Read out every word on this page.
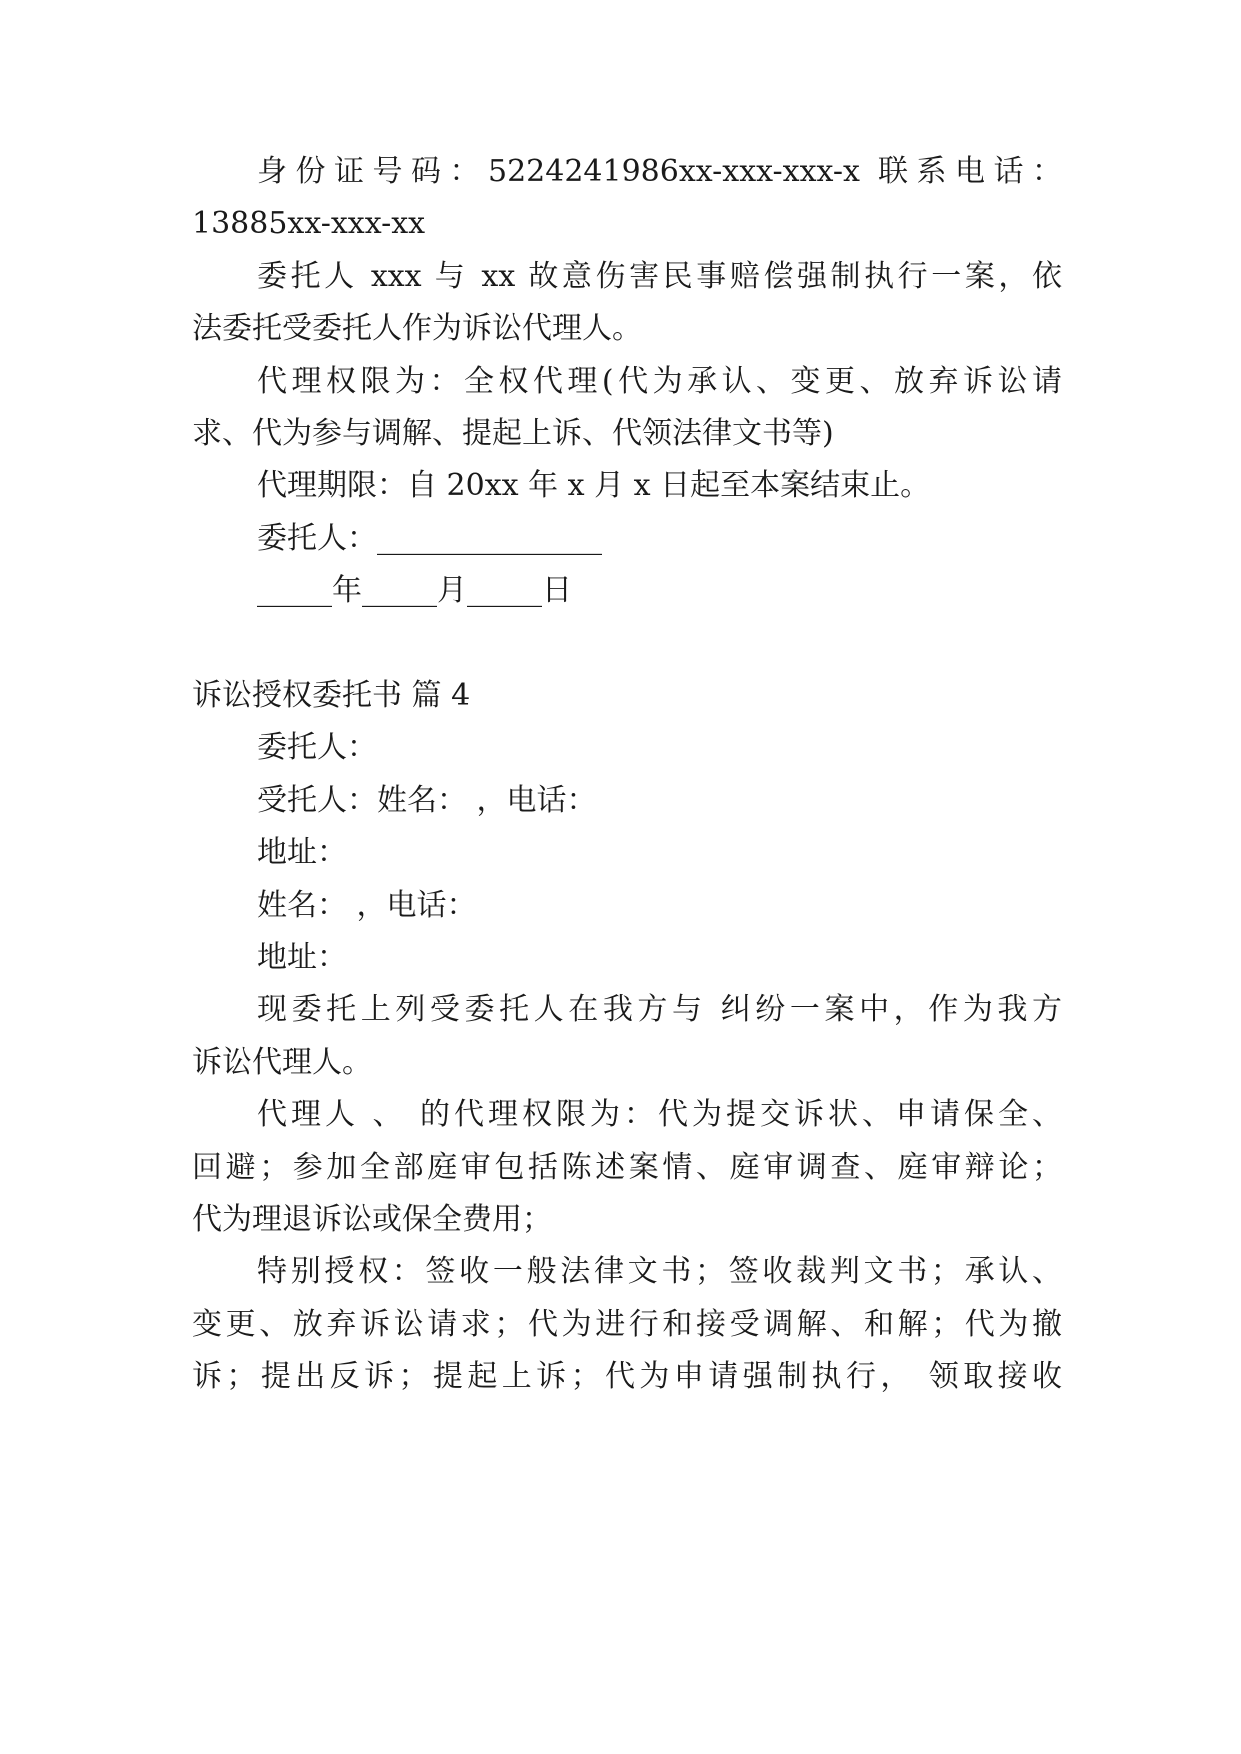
身份证号码：5224241986xx-xxx-xxx-x 联系电话：
13885xx-xxx-xx
委托人 xxx 与 xx 故意伤害民事赔偿强制执行一案，依
法委托受委托人作为诉讼代理人。
代理权限为：全权代理(代为承认、变更、放弃诉讼请
求、代为参与调解、提起上诉、代领法律文书等)
代理期限：自 20xx 年 x 月 x 日起至本案结束止。
委托人：_______________
_____年_____月_____日
诉讼授权委托书 篇 4
委托人：
受托人：姓名： ，电话：
地址：
姓名： ，电话：
地址：
现委托上列受委托人在我方与 纠纷一案中，作为我方
诉讼代理人。
代理人 、 的代理权限为：代为提交诉状、申请保全、
回避；参加全部庭审包括陈述案情、庭审调查、庭审辩论；
代为理退诉讼或保全费用；
特别授权：签收一般法律文书；签收裁判文书；承认、
变更、放弃诉讼请求；代为进行和接受调解、和解；代为撤
诉；提出反诉；提起上诉；代为申请强制执行， 领取接收
